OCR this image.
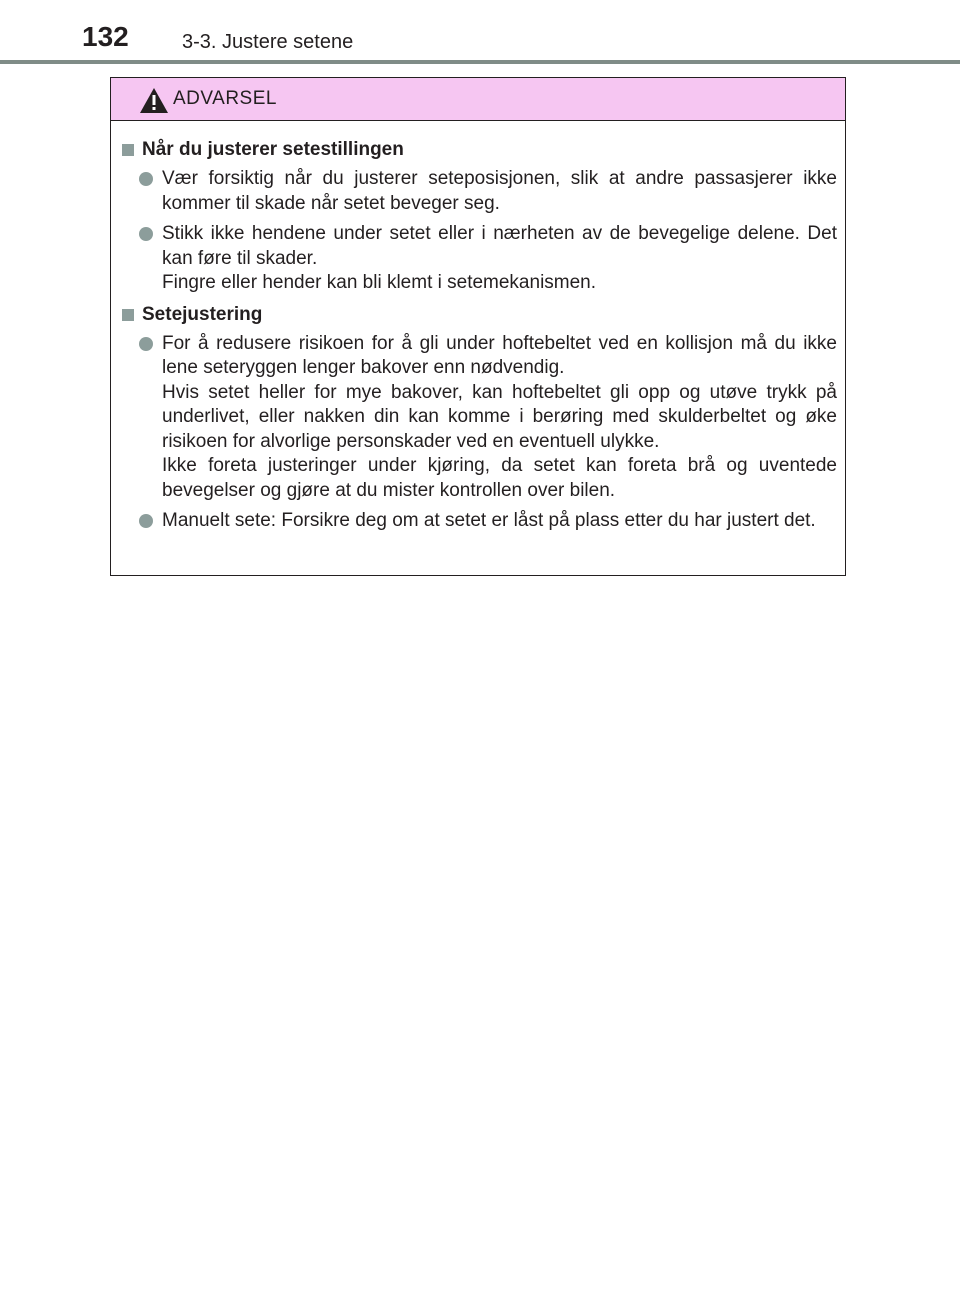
132	3-3. Justere setene
ADVARSEL
Når du justerer setestillingen

Vær forsiktig når du justerer seteposisjonen, slik at andre passasjerer ikke kommer til skade når setet beveger seg.

Stikk ikke hendene under setet eller i nærheten av de bevegelige delene. Det kan føre til skader.

Fingre eller hender kan bli klemt i setemekanismen.

Setejustering

For å redusere risikoen for å gli under hoftebeltet ved en kollisjon må du ikke lene seteryggen lenger bakover enn nødvendig.

Hvis setet heller for mye bakover, kan hoftebeltet gli opp og utøve trykk på underlivet, eller nakken din kan komme i berøring med skulderbeltet og øke risikoen for alvorlige personskader ved en eventuell ulykke.

Ikke foreta justeringer under kjøring, da setet kan foreta brå og uventede bevegelser og gjøre at du mister kontrollen over bilen.

Manuelt sete: Forsikre deg om at setet er låst på plass etter du har justert det.
